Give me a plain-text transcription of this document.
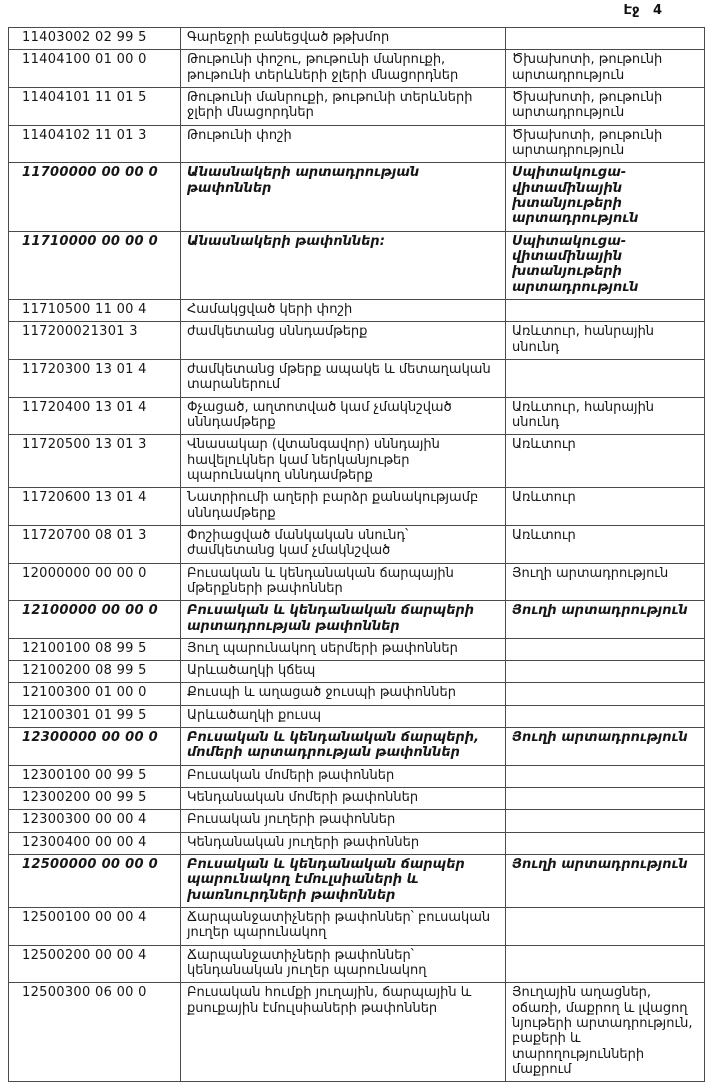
Էջ 4
11403002 02 99 5	Գարեջրի բանեցված թթխմոր	
11404100 01 00 0	Թութունի փոշու, թութունի մանրուքի, թութունի տերևների ջլերի մնացորդներ	Ծխախոտի, թութունի արտադրություն
11404101 11 01 5	Թութունի մանրուքի, թութունի տերևների ջլերի մնացորդներ	Ծխախոտի, թութունի արտադրություն
11404102 11 01 3	Թութունի փոշի	Ծխախոտի, թութունի արտադրություն
11700000 00 00 0	Անասնակերի արտադրության թափոններ	Սպիտակուցա-վիտամինային խտանյութերի արտադրություն
11710000 00 00 0	Անասնակերի թափոններ։	Սպիտակուցա-վիտամինային խտանյութերի արտադրություն
11710500 11 00 4	Համակցված կերի փոշի	
117200021301 3	ժամկետանց սննդամթերք	Առևտուր, հանրային սնունդ
11720300 13 01 4	ժամկետանց մթերք ապակե և մետաղական տարաներում	
11720400 13 01 4	Փչացած, աղտոտված կամ չմակնշված սննդամթերք	Առևտուր, հանրային սնունդ
11720500 13 01 3	Վնասակար (վտանգավոր) սննդային հավելուկներ կամ ներկանյութեր պարունակող սննդամթերք	Առևտուր
11720600 13 01 4	Նատրիումի աղերի բարձր քանակությամբ սննդամթերք	Առևտուր
11720700 08 01 3	Փոշիացված մանկական սնունդ՝ ժամկետանց կամ չմակնշված	Առևտուր
12000000 00 00 0	Բուսական և կենդանական ճարպային մթերքների թափոններ	Յուղի արտադրություն
12100000 00 00 0	Բուսական և կենդանական ճարպերի արտադրության թափոններ	Յուղի արտադրություն
12100100 08 99 5	Յուղ պարունակող սերմերի թափոններ	
12100200 08 99 5	Արևածաղկի կճեպ	
12100300 01 00 0	Քուսպի և աղացած ջուսպի թափոններ	
12100301 01 99 5	Արևածաղկի քուսպ	
12300000 00 00 0	Բուսական և կենդանական ճարպերի, մոմերի արտադրության թափոններ	Յուղի արտադրություն
12300100 00 99 5	Բուսական մոմերի թափոններ	
12300200 00 99 5	Կենդանական մոմերի թափոններ	
12300300 00 00 4	Բուսական յուղերի թափոններ	
12300400 00 00 4	Կենդանական յուղերի թափոններ	
12500000 00 00 0	Բուսական և կենդանական ճարպեր պարունակող էմուլսիաների և խառնուրդների թափոններ	Յուղի արտադրություն
12500100 00 00 4	Ճարպանջատիչների թափոններ՝ բուսական յուղեր պարունակող	
12500200 00 00 4	Ճարպանջատիչների թափոններ՝ կենդանական յուղեր պարունակող	
12500300 06 00 0	Բուսական հումքի յուղային, ճարպային և քսուքային էմուլսիաների թափոններ	Յուղային աղացներ, օճառի, մաքրող և լվացող նյութերի արտադրություն, բաքերի և տարողությունների մաքրում
